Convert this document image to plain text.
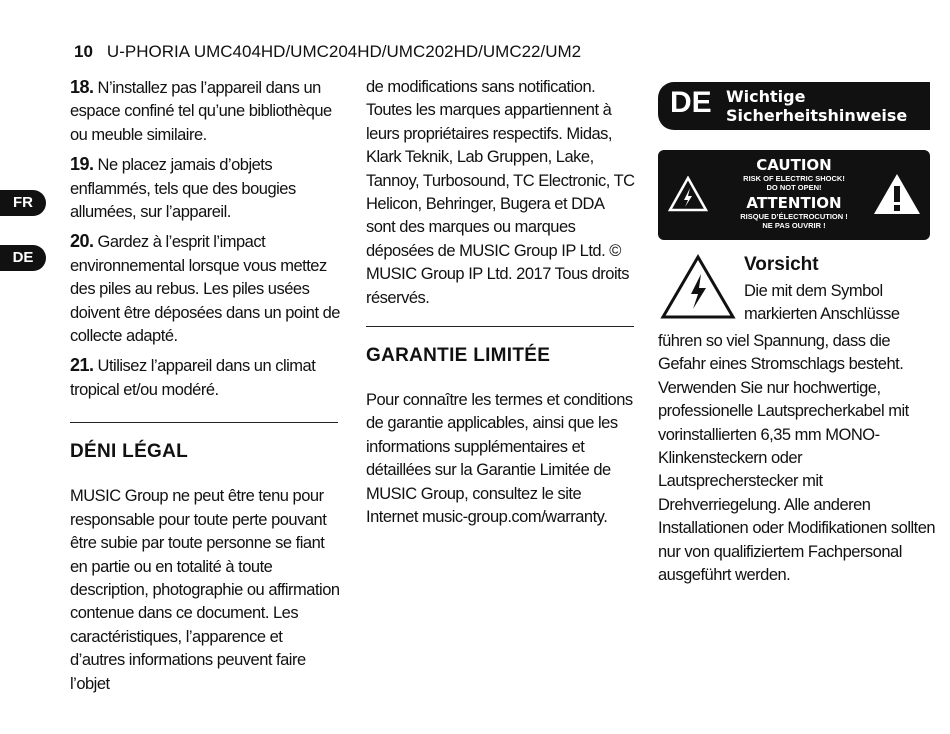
10 U-PHORIA UMC404HD/UMC204HD/UMC202HD/UMC22/UM2
FR
DE

18. N’installez pas l’appareil dans un espace confiné tel qu’une bibliothèque ou meuble similaire.

19. Ne placez jamais d’objets enflammés, tels que des bougies allumées, sur l’appareil.

20. Gardez à l’esprit l’impact environnemental lorsque vous mettez des piles au rebus. Les piles usées doivent être déposées dans un point de collecte adapté.

21. Utilisez l’appareil dans un climat tropical et/ou modéré.

DÉNI LÉGAL

MUSIC Group ne peut être tenu pour responsable pour toute perte pouvant être subie par toute personne se fiant en partie ou en totalité à toute description, photographie ou affirmation contenue dans ce document. Les caractéristiques, l’apparence et d’autres informations peuvent faire l’objet

de modifications sans notification. Toutes les marques appartiennent à leurs propriétaires respectifs. Midas, Klark Teknik, Lab Gruppen, Lake, Tannoy, Turbosound, TC Electronic, TC Helicon, Behringer, Bugera et DDA sont des marques ou marques déposées de MUSIC Group IP Ltd. © MUSIC Group IP Ltd. 2017 Tous droits réservés.

GARANTIE LIMITÉE

Pour connaître les termes et conditions de garantie applicables, ainsi que les informations supplémentaires et détaillées sur la Garantie Limitée de MUSIC Group, consultez le site Internet music-group.com/warranty.

DE Wichtige
Sicherheitshinweise
CAUTION
RISK OF ELECTRIC SHOCK!
DO NOT OPEN!
ATTENTION
RISQUE D’ÉLECTROCUTION !
NE PAS OUVRIR !
Vorsicht
Die mit dem Symbol
markierten Anschlüsse

führen so viel Spannung, dass die Gefahr eines Stromschlags besteht. Verwenden Sie nur hochwertige, professionelle Lautsprecherkabel mit vorinstallierten 6,35 mm MONO-Klinkensteckern oder Lautsprecherstecker mit Drehverriegelung. Alle anderen Installationen oder Modifikationen sollten nur von qualifiziertem Fachpersonal ausgeführt werden.
